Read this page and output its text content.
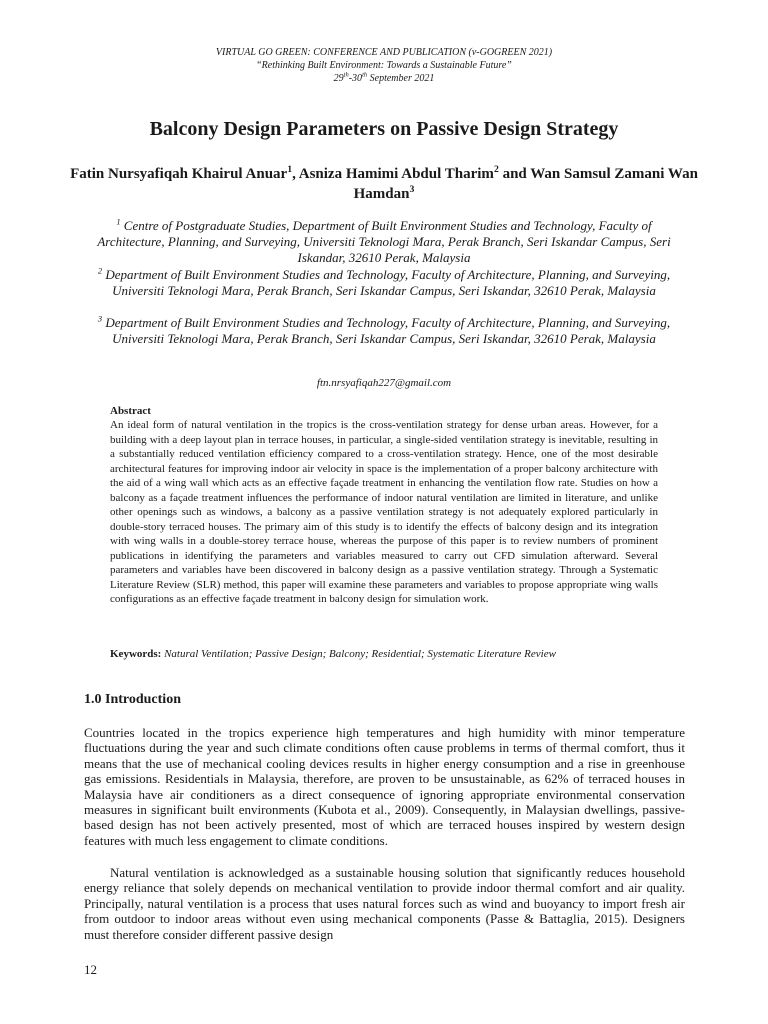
VIRTUAL GO GREEN: CONFERENCE AND PUBLICATION (v-GOGREEN 2021)
“Rethinking Built Environment: Towards a Sustainable Future”
29th-30th September 2021
Balcony Design Parameters on Passive Design Strategy
Fatin Nursyafiqah Khairul Anuar$^1$, Asniza Hamimi Abdul Tharim$^2$ and Wan Samsul Zamani Wan Hamdan$^3$
$^1$ Centre of Postgraduate Studies, Department of Built Environment Studies and Technology, Faculty of Architecture, Planning, and Surveying, Universiti Teknologi Mara, Perak Branch, Seri Iskandar Campus, Seri Iskandar, 32610 Perak, Malaysia
$^2$ Department of Built Environment Studies and Technology, Faculty of Architecture, Planning, and Surveying, Universiti Teknologi Mara, Perak Branch, Seri Iskandar Campus, Seri Iskandar, 32610 Perak, Malaysia
$^3$ Department of Built Environment Studies and Technology, Faculty of Architecture, Planning, and Surveying, Universiti Teknologi Mara, Perak Branch, Seri Iskandar Campus, Seri Iskandar, 32610 Perak, Malaysia
ftn.nrsyafiqah227@gmail.com
Abstract
An ideal form of natural ventilation in the tropics is the cross-ventilation strategy for dense urban areas. However, for a building with a deep layout plan in terrace houses, in particular, a single-sided ventilation strategy is inevitable, resulting in a substantially reduced ventilation efficiency compared to a cross-ventilation strategy. Hence, one of the most desirable architectural features for improving indoor air velocity in space is the implementation of a proper balcony architecture with the aid of a wing wall which acts as an effective façade treatment in enhancing the ventilation flow rate. Studies on how a balcony as a façade treatment influences the performance of indoor natural ventilation are limited in literature, and unlike other openings such as windows, a balcony as a passive ventilation strategy is not adequately explored particularly in double-story terraced houses. The primary aim of this study is to identify the effects of balcony design and its integration with wing walls in a double-storey terrace house, whereas the purpose of this paper is to review numbers of prominent publications in identifying the parameters and variables measured to carry out CFD simulation afterward. Several parameters and variables have been discovered in balcony design as a passive ventilation strategy. Through a Systematic Literature Review (SLR) method, this paper will examine these parameters and variables to propose appropriate wing walls configurations as an effective façade treatment in balcony design for simulation work.
Keywords: Natural Ventilation; Passive Design; Balcony; Residential; Systematic Literature Review
1.0 Introduction
Countries located in the tropics experience high temperatures and high humidity with minor temperature fluctuations during the year and such climate conditions often cause problems in terms of thermal comfort, thus it means that the use of mechanical cooling devices results in higher energy consumption and a rise in greenhouse gas emissions. Residentials in Malaysia, therefore, are proven to be unsustainable, as 62% of terraced houses in Malaysia have air conditioners as a direct consequence of ignoring appropriate environmental conservation measures in significant built environments (Kubota et al., 2009). Consequently, in Malaysian dwellings, passive-based design has not been actively presented, most of which are terraced houses inspired by western design features with much less engagement to climate conditions.
Natural ventilation is acknowledged as a sustainable housing solution that significantly reduces household energy reliance that solely depends on mechanical ventilation to provide indoor thermal comfort and air quality. Principally, natural ventilation is a process that uses natural forces such as wind and buoyancy to import fresh air from outdoor to indoor areas without even using mechanical components (Passe & Battaglia, 2015). Designers must therefore consider different passive design
12
